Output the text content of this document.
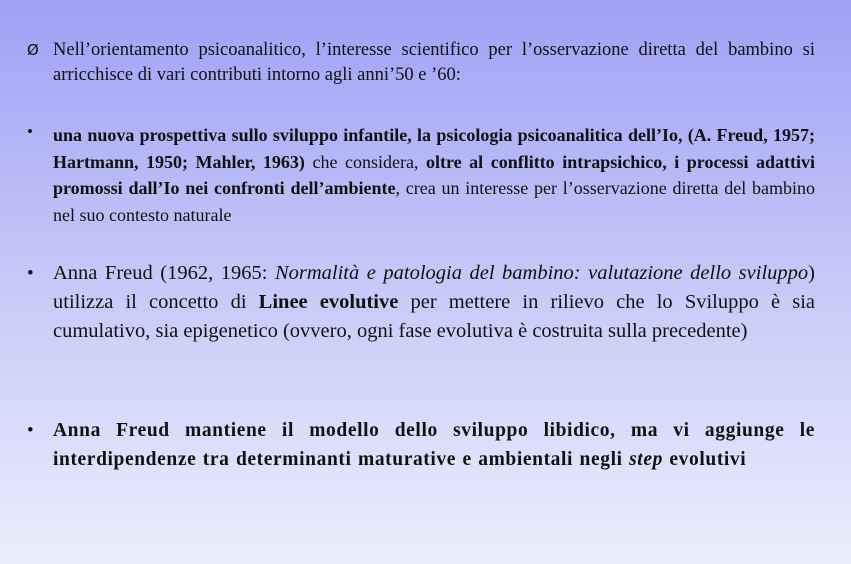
Ø Nell’orientamento psicoanalitico, l’interesse scientifico per l’osservazione diretta del bambino si arricchisce di vari contributi intorno agli anni’50 e ’60:
• una nuova prospettiva sullo sviluppo infantile, la psicologia psicoanalitica dell’Io, (A. Freud, 1957; Hartmann, 1950; Mahler, 1963) che considera, oltre al conflitto intrapsichico, i processi adattivi promossi dall’Io nei confronti dell’ambiente, crea un interesse per l’osservazione diretta del bambino nel suo contesto naturale
• Anna Freud (1962, 1965: Normalità e patologia del bambino: valutazione dello sviluppo) utilizza il concetto di Linee evolutive per mettere in rilievo che lo Sviluppo è sia cumulativo, sia epigenetico (ovvero, ogni fase evolutiva è costruita sulla precedente)
• Anna Freud mantiene il modello dello sviluppo libidico, ma vi aggiunge le interdipendenze tra determinanti maturative e ambientali negli step evolutivi
